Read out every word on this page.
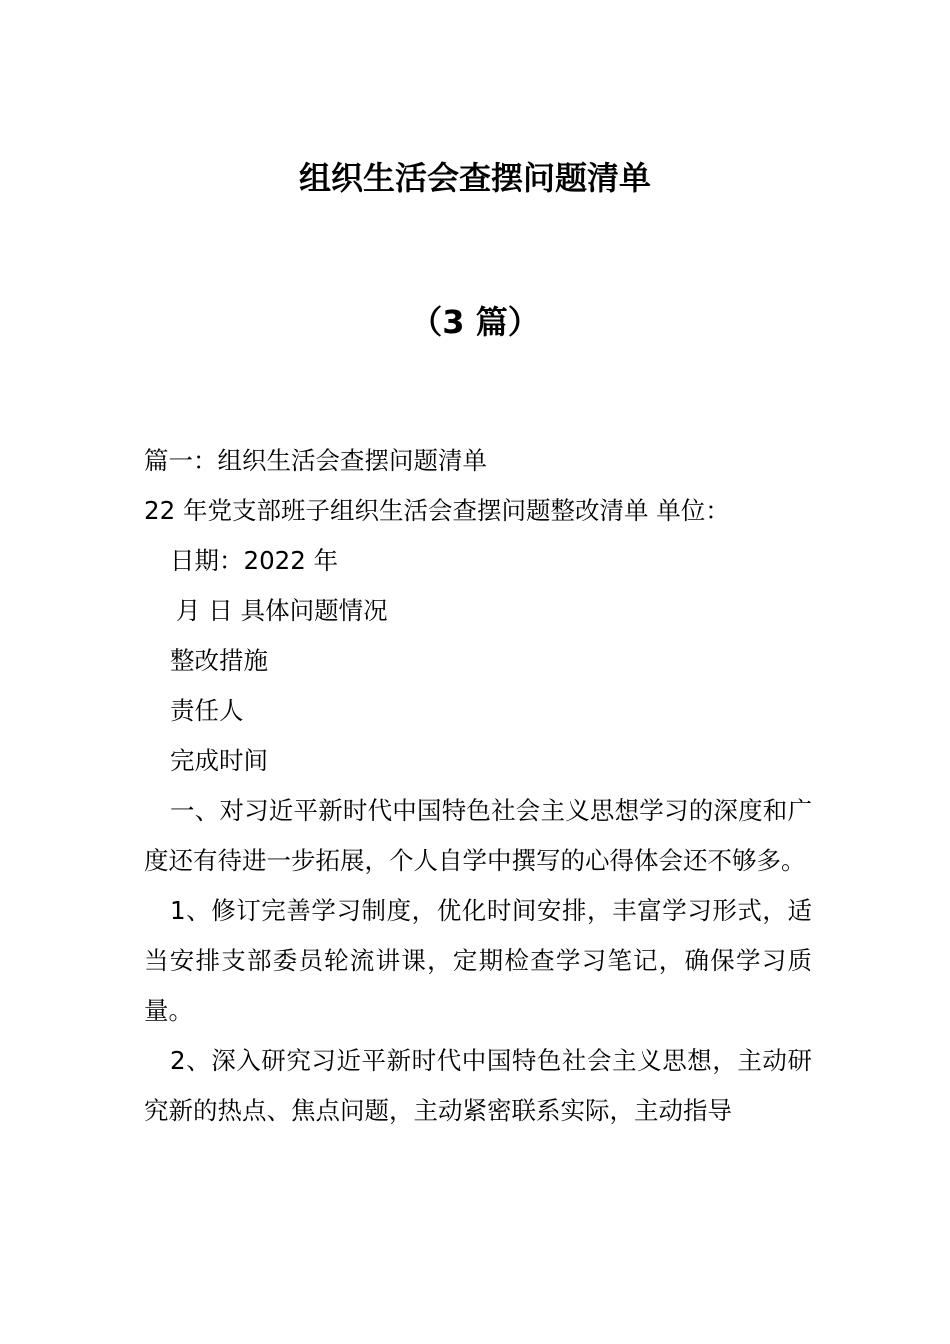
组织生活会查摆问题清单
（3 篇）
篇一：组织生活会查摆问题清单
22 年党支部班子组织生活会查摆问题整改清单 单位：
日期：2022 年
月 日 具体问题情况
整改措施
责任人
完成时间
一、对习近平新时代中国特色社会主义思想学习的深度和广度还有待进一步拓展，个人自学中撰写的心得体会还不够多。
1、修订完善学习制度，优化时间安排，丰富学习形式，适当安排支部委员轮流讲课，定期检查学习笔记，确保学习质量。
2、深入研究习近平新时代中国特色社会主义思想，主动研究新的热点、焦点问题，主动紧密联系实际，主动指导
